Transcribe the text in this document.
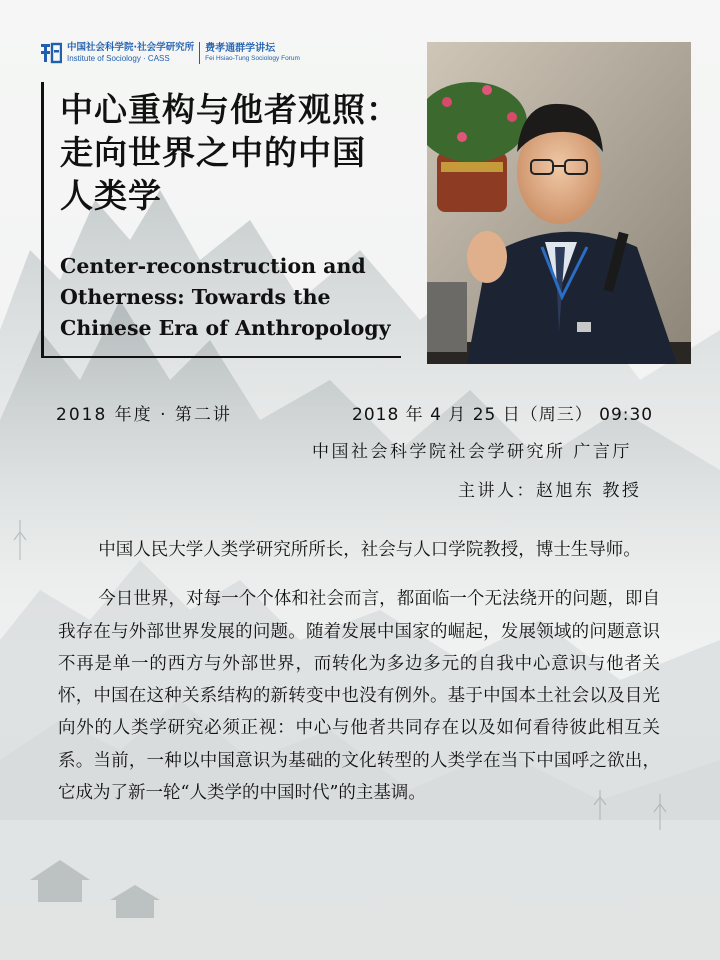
中国社会科学院·社会学研究所
Institute of Sociology · CASS
费孝通群学讲坛
Fei Hsiao-Tung Sociology Forum
中心重构与他者观照：
走向世界之中的中国
人类学
Center-reconstruction and
Otherness: Towards the
Chinese Era of Anthropology
2018 年度 · 第二讲	2018 年 4 月 25 日（周三） 09:30
中国社会科学院社会学研究所 广言厅
主讲人：赵旭东 教授

中国人民大学人类学研究所所长，社会与人口学院教授，博士生导师。

今日世界，对每一个个体和社会而言，都面临一个无法绕开的问题，即自我存在与外部世界发展的问题。随着发展中国家的崛起，发展领域的问题意识不再是单一的西方与外部世界，而转化为多边多元的自我中心意识与他者关怀，中国在这种关系结构的新转变中也没有例外。基于中国本土社会以及目光向外的人类学研究必须正视：中心与他者共同存在以及如何看待彼此相互关系。当前，一种以中国意识为基础的文化转型的人类学在当下中国呼之欲出，它成为了新一轮“人类学的中国时代”的主基调。
